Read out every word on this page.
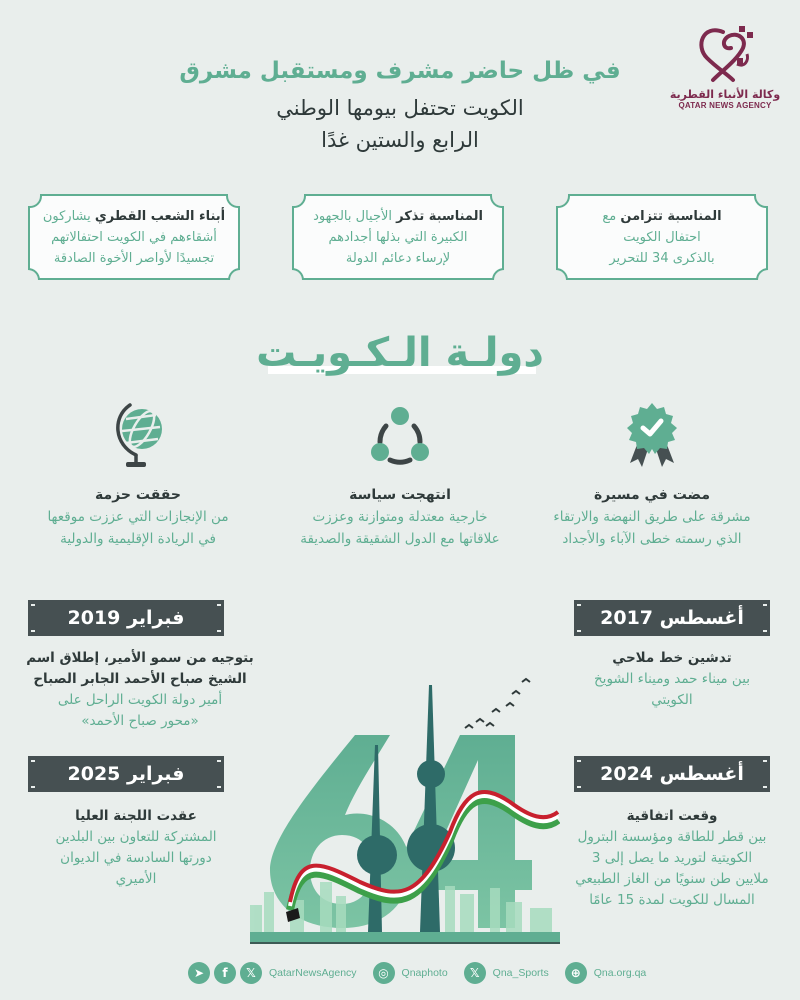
وكالة الأنباء القطرية
QATAR NEWS AGENCY
في ظل حاضر مشرف ومستقبل مشرق
الكويت تحتفل بيومها الوطني
الرابع والستين غدًا
المناسبة تتزامن مع
احتفال الكويت
بالذكرى 34 للتحرير
المناسبة تذكر الأجيال بالجهود
الكبيرة التي بذلها أجدادهم
لإرساء دعائم الدولة
أبناء الشعب القطري يشاركون
أشقاءهم في الكويت احتفالاتهم
تجسيدًا لأواصر الأخوة الصادقة
دولـة الـكـويـت
مضت في مسيرة
مشرقة على طريق النهضة والارتقاء
الذي رسمته خطى الآباء والأجداد
انتهجت سياسة
خارجية معتدلة ومتوازنة وعززت
علاقاتها مع الدول الشقيقة والصديقة
حققت حزمة
من الإنجازات التي عززت موقعها
في الريادة الإقليمية والدولية
أغسطس 2017
تدشين خط ملاحي
بين ميناء حمد وميناء الشويخ
الكويتي
فبراير 2019
بتوجيه من سمو الأمير، إطلاق اسم
الشيخ صباح الأحمد الجابر الصباح
أمير دولة الكويت الراحل على
«محور صباح الأحمد»
أغسطس 2024
وقعت اتفاقية
بين قطر للطاقة ومؤسسة البترول
الكويتية لتوريد ما يصل إلى 3
ملايين طن سنويًا من الغاز الطبيعي
المسال للكويت لمدة 15 عامًا
فبراير 2025
عقدت اللجنة العليا
المشتركة للتعاون بين البلدين
دورتها السادسة في الديوان
الأميري
➤	f	𝕏	QatarNewsAgency	◎	Qnaphoto	𝕏	Qna_Sports	⊕	Qna.org.qa
